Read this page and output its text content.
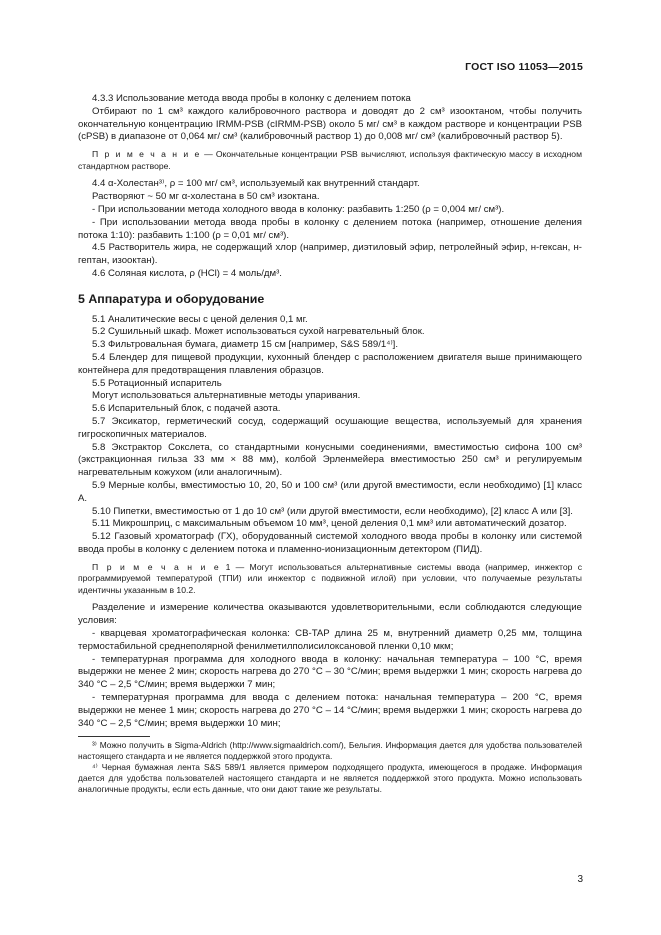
ГОСТ ISO 11053—2015

4.3.3 Использование метода ввода пробы в колонку с делением потока

Отбирают по 1 см³ каждого калибровочного раствора и доводят до 2 см³ изооктаном, чтобы получить окончательную концентрацию IRMM-PSB (cIRMM-PSB) около 5 мг/ см³ в каждом растворе и концентрации PSB (cPSB) в диапазоне от 0,064 мг/ см³ (калибровочный раствор 1) до 0,008 мг/ см³ (калибровочный раствор 5).

П р и м е ч а н и е — Окончательные концентрации PSB вычисляют, используя фактическую массу в исходном стандартном растворе.

4.4 α-Холестан³⁾, ρ = 100 мг/ см³, используемый как внутренний стандарт.

Растворяют ~ 50 мг α-холестана в 50 см³ изоктана.

- При использовании метода холодного ввода в колонку: разбавить 1:250 (ρ = 0,004 мг/ см³).

- При использовании метода ввода пробы в колонку с делением потока (например, отношение деления потока 1:10): разбавить 1:100 (ρ = 0,01 мг/ см³).

4.5 Растворитель жира, не содержащий хлор (например, диэтиловый эфир, петролейный эфир, н-гексан, н-гептан, изооктан).

4.6 Соляная кислота, ρ (HCl) = 4 моль/дм³.

5 Аппаратура и оборудование

5.1 Аналитические весы с ценой деления 0,1 мг.

5.2 Сушильный шкаф. Может использоваться сухой нагревательный блок.

5.3 Фильтровальная бумага, диаметр 15 см [например, S&S 589/1⁴⁾].

5.4 Блендер для пищевой продукции, кухонный блендер с расположением двигателя выше принимающего контейнера для предотвращения плавления образцов.

5.5 Ротационный испаритель

Могут использоваться альтернативные методы упаривания.

5.6 Испарительный блок, с подачей азота.

5.7 Эксикатор, герметический сосуд, содержащий осушающие вещества, используемый для хранения гигроскопичных материалов.

5.8 Экстрактор Сокслета, со стандартными конусными соединениями, вместимостью сифона 100 см³ (экстракционная гильза 33 мм × 88 мм), колбой Эрленмейера вместимостью 250 см³ и регулируемым нагревательным кожухом (или аналогичным).

5.9 Мерные колбы, вместимостью 10, 20, 50 и 100 см³ (или другой вместимости, если необходимо) [1] класс А.

5.10 Пипетки, вместимостью от 1 до 10 см³ (или другой вместимости, если необходимо), [2] класс А или [3].

5.11 Микрошприц, с максимальным объемом 10 мм³, ценой деления 0,1 мм³ или автоматический дозатор.

5.12 Газовый хроматограф (ГХ), оборудованный системой холодного ввода пробы в колонку или системой ввода пробы в колонку с делением потока и пламенно-ионизационным детектором (ПИД).

П р и м е ч а н и е 1 — Могут использоваться альтернативные системы ввода (например, инжектор с программируемой температурой (ТПИ) или инжектор с подвижной иглой) при условии, что получаемые результаты идентичны указанным в 10.2.

Разделение и измерение количества оказываются удовлетворительными, если соблюдаются следующие условия:

- кварцевая хроматографическая колонка: CB-TAP длина 25 м, внутренний диаметр 0,25 мм, толщина термостабильной среднеполярной фенилметилполисилоксановой пленки 0,10 мкм;

- температурная программа для холодного ввода в колонку: начальная температура – 100 °C, время выдержки не менее 2 мин; скорость нагрева до 270 °C – 30 °C/мин; время выдержки 1 мин; скорость нагрева до 340 °C – 2,5 °C/мин; время выдержки 7 мин;

- температурная программа для ввода с делением потока: начальная температура – 200 °C, время выдержки не менее 1 мин; скорость нагрева до 270 °C – 14 °C/мин; время выдержки 1 мин; скорость нагрева до 340 °C – 2,5 °C/мин; время выдержки 10 мин;

³⁾ Можно получить в Sigma-Aldrich (http://www.sigmaaldrich.com/), Бельгия. Информация дается для удобства пользователей настоящего стандарта и не является поддержкой этого продукта.

⁴⁾ Черная бумажная лента S&S 589/1 является примером подходящего продукта, имеющегося в продаже. Информация дается для удобства пользователей настоящего стандарта и не является поддержкой этого продукта. Можно использовать аналогичные продукты, если есть данные, что они дают такие же результаты.

3
